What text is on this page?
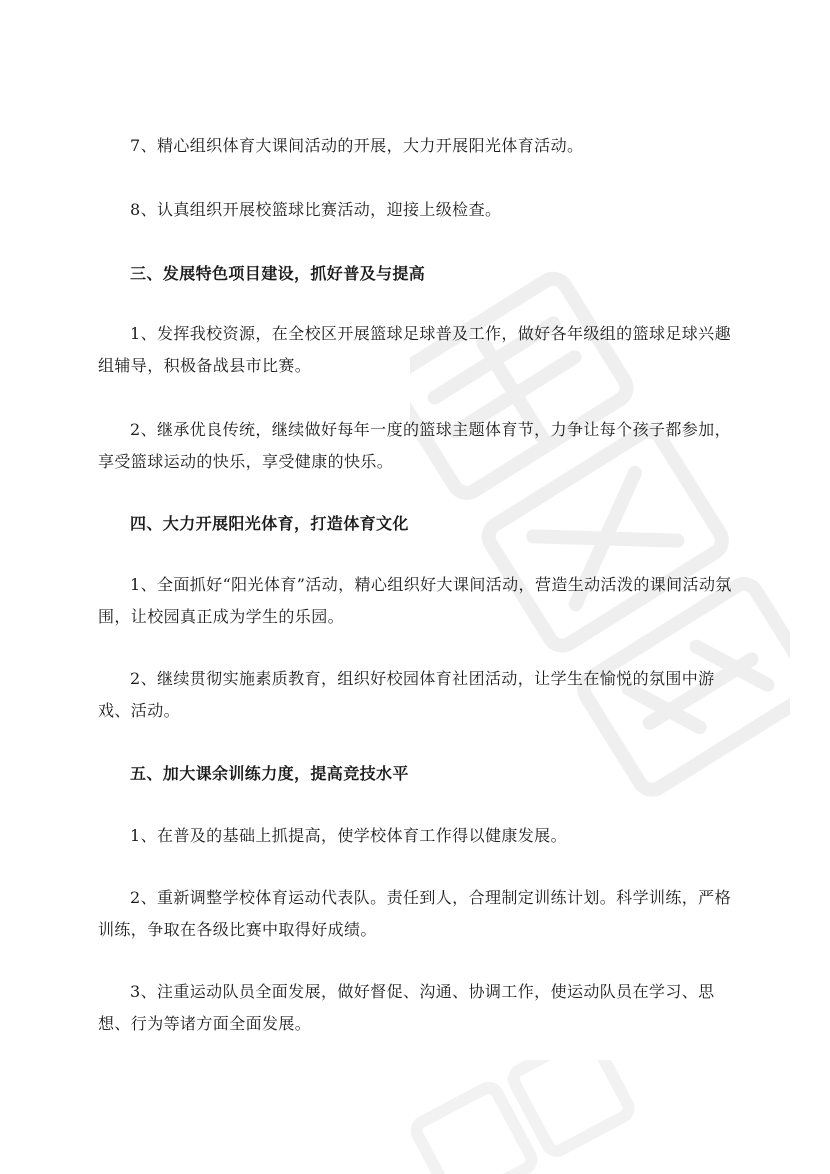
7、精心组织体育大课间活动的开展，大力开展阳光体育活动。

8、认真组织开展校篮球比赛活动，迎接上级检查。

三、发展特色项目建设，抓好普及与提高

1、发挥我校资源，在全校区开展篮球足球普及工作，做好各年级组的篮球足球兴趣组辅导，积极备战县市比赛。

2、继承优良传统，继续做好每年一度的篮球主题体育节，力争让每个孩子都参加，享受篮球运动的快乐，享受健康的快乐。

四、大力开展阳光体育，打造体育文化

1、全面抓好“阳光体育”活动，精心组织好大课间活动，营造生动活泼的课间活动氛围，让校园真正成为学生的乐园。

2、继续贯彻实施素质教育，组织好校园体育社团活动，让学生在愉悦的氛围中游戏、活动。

五、加大课余训练力度，提高竞技水平

1、在普及的基础上抓提高，使学校体育工作得以健康发展。

2、重新调整学校体育运动代表队。责任到人，合理制定训练计划。科学训练，严格训练，争取在各级比赛中取得好成绩。

3、注重运动队员全面发展，做好督促、沟通、协调工作，使运动队员在学习、思想、行为等诸方面全面发展。
